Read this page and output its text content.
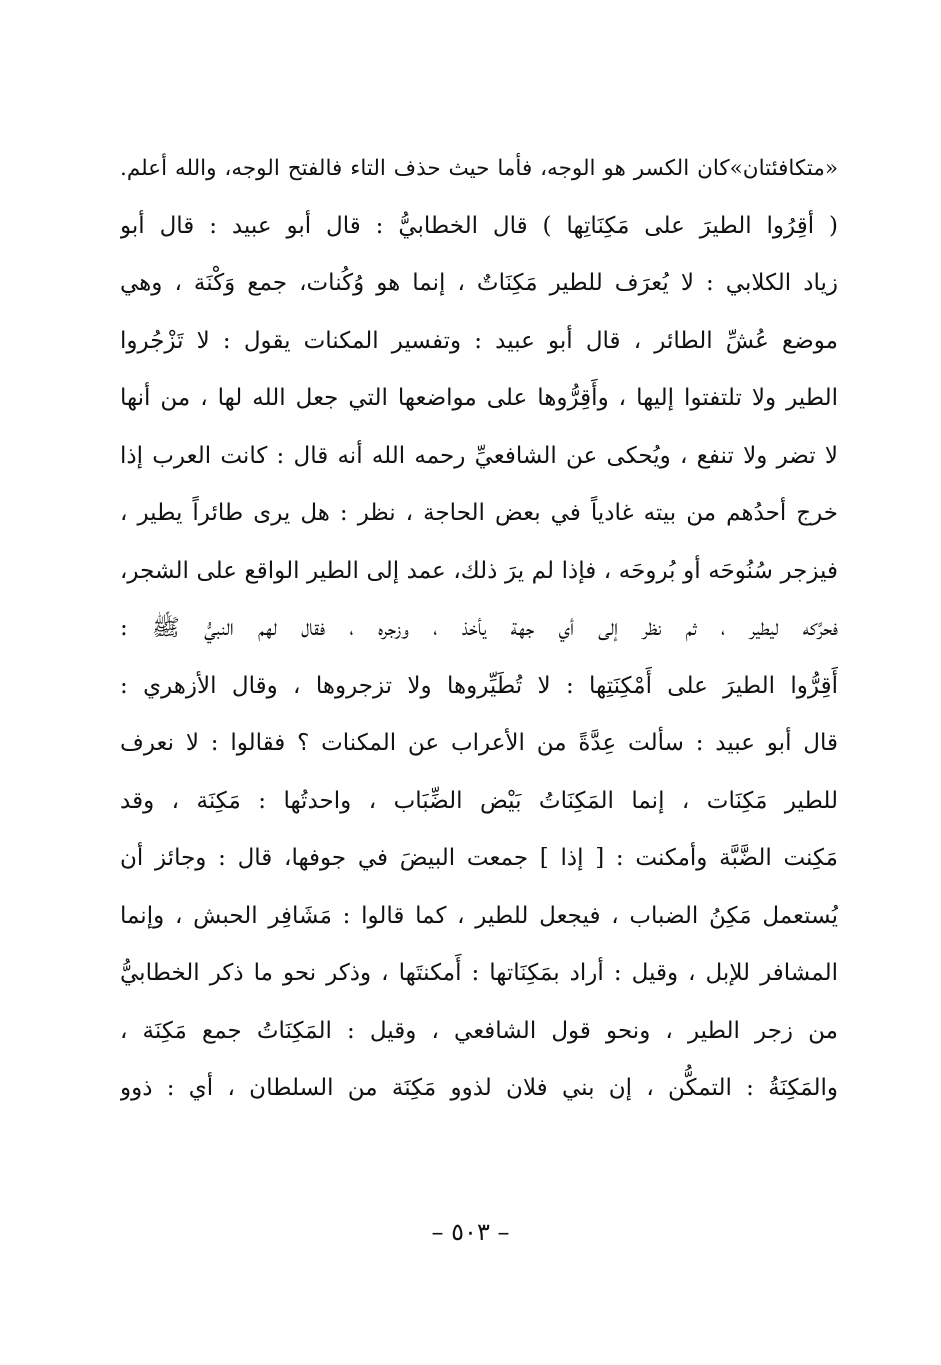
«متكافئتان»كان الكسر هو الوجه، فأما حيث حذف التاء فالفتح الوجه، والله أعلم.
( أقِرُوا الطيرَ على مَكِنَاتِها ) قال الخطابيُّ : قال أبو عبيد : قال أبو
زياد الكلابي : لا يُعرَف للطير مَكِنَاتٌ ، إنما هو وُكُنات، جمع وَكْنَة ، وهي
موضع عُشِّ الطائر ، قال أبو عبيد : وتفسير المكنات يقول : لا تَزْجُروا
الطير ولا تلتفتوا إليها ، وأَقِرُّوها على مواضعها التي جعل الله لها ، من أنها
لا تضر ولا تنفع ، ويُحكى عن الشافعيِّ رحمه الله أنه قال : كانت العرب إذا
خرج أحدُهم من بيته غادياً في بعض الحاجة ، نظر : هل يرى طائراً يطير ،
فيزجر سُنُوحَه أو بُروحَه ، فإذا لم يرَ ذلك، عمد إلى الطير الواقع على الشجر،
فحرَّكه ليطير ، ثم نظر إلى أي جهة يأخذ ، وزجره ، فقال لهم النبيُّ ﷺ :
أَقِرُّوا الطيرَ على أَمْكِنَتِها : لا تُطَيِّروها ولا تزجروها ، وقال الأزهري :
قال أبو عبيد : سألت عِدَّةً من الأعراب عن المكنات ؟ فقالوا : لا نعرف
للطير مَكِنَات ، إنما المَكِنَاتُ بَيْض الضِّبَاب ، واحدتُها : مَكِنَة ، وقد
مَكِنت الضَّبَّة وأمكنت : [ إذا ] جمعت البيضَ في جوفها، قال : وجائز أن
يُستعمل مَكِنُ الضباب ، فيجعل للطير ، كما قالوا : مَشَافِر الحبش ، وإنما
المشافر للإبل ، وقيل : أراد بمَكِنَاتها : أَمكنتَها ، وذكر نحو ما ذكر الخطابيُّ
من زجر الطير ، ونحو قول الشافعي ، وقيل : المَكِنَاتُ جمع مَكِنَة ،
والمَكِنَةُ : التمكُّن ، إن بني فلان لذوو مَكِنَة من السلطان ، أي : ذوو
– ٥٠٣ –
